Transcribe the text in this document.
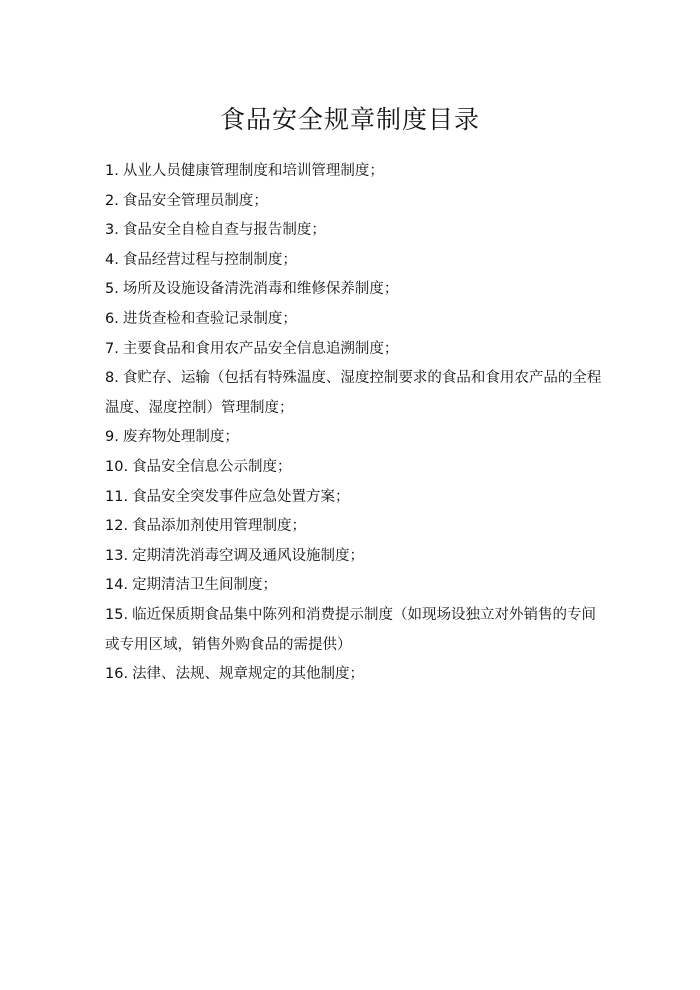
食品安全规章制度目录
1. 从业人员健康管理制度和培训管理制度；
2. 食品安全管理员制度；
3. 食品安全自检自查与报告制度；
4. 食品经营过程与控制制度；
5. 场所及设施设备清洗消毒和维修保养制度；
6. 进货查检和查验记录制度；
7. 主要食品和食用农产品安全信息追溯制度；
8. 食贮存、运输（包括有特殊温度、湿度控制要求的食品和食用农产品的全程温度、湿度控制）管理制度；
9. 废弃物处理制度；
10. 食品安全信息公示制度；
11. 食品安全突发事件应急处置方案；
12. 食品添加剂使用管理制度；
13. 定期清洗消毒空调及通风设施制度；
14. 定期清洁卫生间制度；
15. 临近保质期食品集中陈列和消费提示制度（如现场设独立对外销售的专间或专用区域，销售外购食品的需提供）
16. 法律、法规、规章规定的其他制度；
